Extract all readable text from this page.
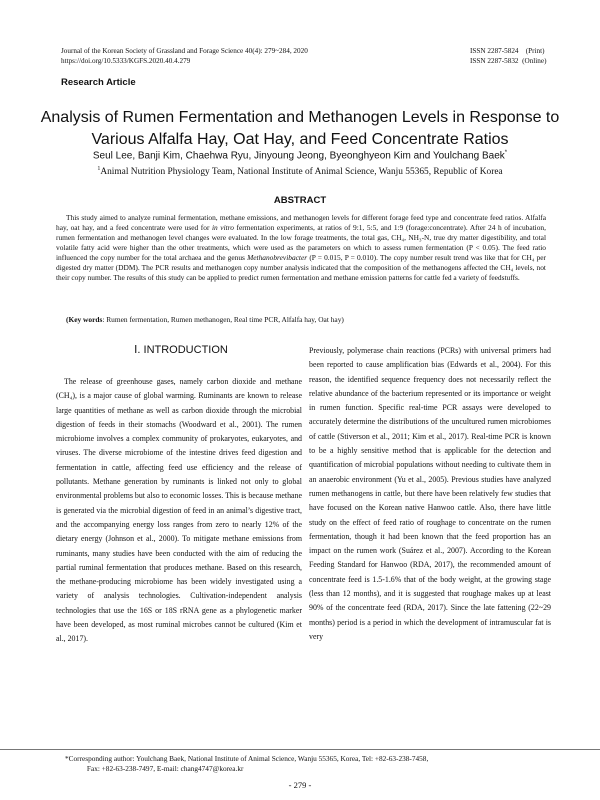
Journal of the Korean Society of Grassland and Forage Science 40(4): 279~284, 2020
https://doi.org/10.5333/KGFS.2020.40.4.279
ISSN 2287-5824    (Print)
ISSN 2287-5832  (Online)
Research Article
Analysis of Rumen Fermentation and Methanogen Levels in Response to
Various Alfalfa Hay, Oat Hay, and Feed Concentrate Ratios
Seul Lee, Banji Kim, Chaehwa Ryu, Jinyoung Jeong, Byeonghyeon Kim and Youlchang Baek*
$^1$Animal Nutrition Physiology Team, National Institute of Animal Science, Wanju 55365, Republic of Korea
ABSTRACT
This study aimed to analyze ruminal fermentation, methane emissions, and methanogen levels for different forage feed type and concentrate feed ratios. Alfalfa hay, oat hay, and a feed concentrate were used for in vitro fermentation experiments, at ratios of 9:1, 5:5, and 1:9 (forage:concentrate). After 24 h of incubation, rumen fermentation and methanogen level changes were evaluated. In the low forage treatments, the total gas, CH₄, NH₃-N, true dry matter digestibility, and total volatile fatty acid were higher than the other treatments, which were used as the parameters on which to assess rumen fermentation (P < 0.05). The feed ratio influenced the copy number for the total archaea and the genus Methanobrevibacter (P = 0.015, P = 0.010). The copy number result trend was like that for CH₄ per digested dry matter (DDM). The PCR results and methanogen copy number analysis indicated that the composition of the methanogens affected the CH₄ levels, not their copy number. The results of this study can be applied to predict rumen fermentation and methane emission patterns for cattle fed a variety of feedstuffs.
(Key words: Rumen fermentation, Rumen methanogen, Real time PCR, Alfalfa hay, Oat hay)
Ⅰ. INTRODUCTION
The release of greenhouse gases, namely carbon dioxide and methane (CH₄), is a major cause of global warming. Ruminants are known to release large quantities of methane as well as carbon dioxide through the microbial digestion of feeds in their stomachs (Woodward et al., 2001). The rumen microbiome involves a complex community of prokaryotes, eukaryotes, and viruses. The diverse microbiome of the intestine drives feed digestion and fermentation in cattle, affecting feed use efficiency and the release of pollutants. Methane generation by ruminants is linked not only to global environmental problems but also to economic losses. This is because methane is generated via the microbial digestion of feed in an animal’s digestive tract, and the accompanying energy loss ranges from zero to nearly 12% of the dietary energy (Johnson et al., 2000). To mitigate methane emissions from ruminants, many studies have been conducted with the aim of reducing the partial ruminal fermentation that produces methane. Based on this research, the methane-producing microbiome has been widely investigated using a variety of analysis technologies. Cultivation-independent analysis technologies that use the 16S or 18S rRNA gene as a phylogenetic marker have been developed, as most ruminal microbes cannot be cultured (Kim et al., 2017).
Previously, polymerase chain reactions (PCRs) with universal primers had been reported to cause amplification bias (Edwards et al., 2004). For this reason, the identified sequence frequency does not necessarily reflect the relative abundance of the bacterium represented or its importance or weight in rumen function. Specific real-time PCR assays were developed to accurately determine the distributions of the uncultured rumen microbiomes of cattle (Stiverson et al., 2011; Kim et al., 2017). Real-time PCR is known to be a highly sensitive method that is applicable for the detection and quantification of microbial populations without needing to cultivate them in an anaerobic environment (Yu et al., 2005). Previous studies have analyzed rumen methanogens in cattle, but there have been relatively few studies that have focused on the Korean native Hanwoo cattle. Also, there have little study on the effect of feed ratio of roughage to concentrate on the rumen fermentation, though it had been known that the feed proportion has an impact on the rumen work (Suárez et al., 2007). According to the Korean Feeding Standard for Hanwoo (RDA, 2017), the recommended amount of concentrate feed is 1.5-1.6% that of the body weight, at the growing stage (less than 12 months), and it is suggested that roughage makes up at least 90% of the concentrate feed (RDA, 2017). Since the late fattening (22~29 months) period is a period in which the development of intramuscular fat is very
*Corresponding author: Youlchang Baek, National Institute of Animal Science, Wanju 55365, Korea, Tel: +82-63-238-7458,
Fax: +82-63-238-7497, E-mail: chang4747@korea.kr
- 279 -
